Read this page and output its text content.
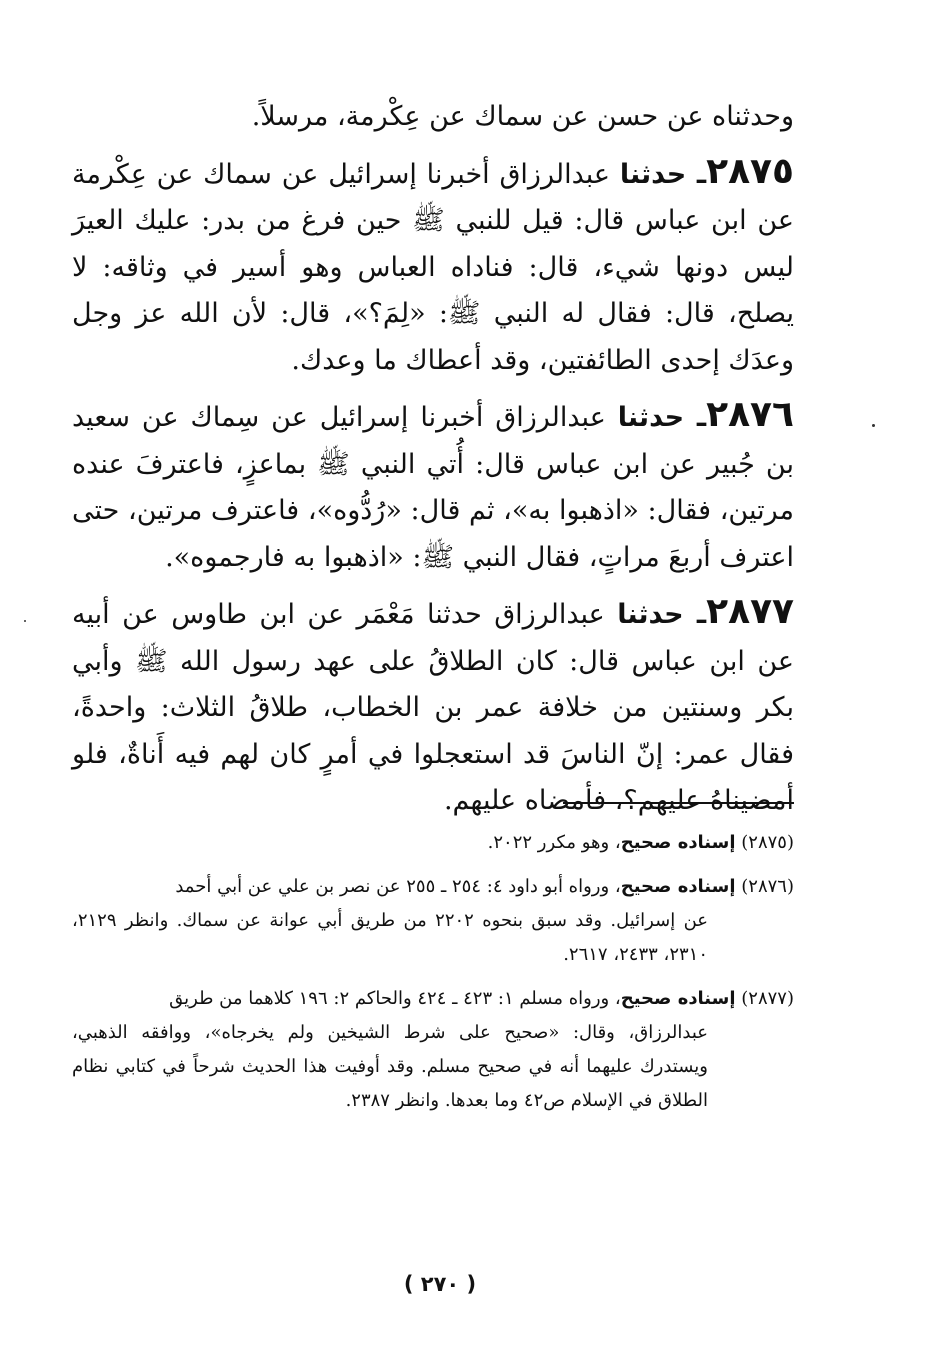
وحدثناه عن حسن عن سماك عن عِكْرمة، مرسلاً.

٢٨٧٥ـ حدثنا عبدالرزاق أخبرنا إسرائيل عن سماك عن عِكْرمة عن ابن عباس قال: قيل للنبي ﷺ حين فرغ من بدر: عليك العيرَ ليس دونها شيء، قال: فناداه العباس وهو أسير في وثاقه: لا يصلح، قال: فقال له النبي ﷺ: «لِمَ؟»، قال: لأن الله عز وجل وعدَك إحدى الطائفتين، وقد أعطاك ما وعدك.

٢٨٧٦ـ حدثنا عبدالرزاق أخبرنا إسرائيل عن سِماك عن سعيد بن جُبير عن ابن عباس قال: أُتي النبي ﷺ بماعزٍ، فاعترفَ عنده مرتين، فقال: «اذهبوا به»، ثم قال: «رُدُّوه»، فاعترف مرتين، حتى اعترف أربعَ مراتٍ، فقال النبي ﷺ: «اذهبوا به فارجموه».

٢٨٧٧ـ حدثنا عبدالرزاق حدثنا مَعْمَر عن ابن طاوس عن أبيه عن ابن عباس قال: كان الطلاقُ على عهد رسول الله ﷺ وأبي بكر وسنتين من خلافة عمر بن الخطاب، طلاقُ الثلاث: واحدةً، فقال عمر: إنّ الناسَ قد استعجلوا في أمرٍ كان لهم فيه أَناةٌ، فلو أمضيناهُ عليهم؟، فأمضاه عليهم.

(٢٨٧٥) إسناده صحيح، وهو مكرر ٢٠٢٢.

(٢٨٧٦) إسناده صحيح، ورواه أبو داود ٤: ٢٥٤ ـ ٢٥٥ عن نصر بن علي عن أبي أحمد
عن إسرائيل. وقد سبق بنحوه ٢٢٠٢ من طريق أبي عوانة عن سماك. وانظر ٢١٢٩، ٢٣١٠، ٢٤٣٣، ٢٦١٧.

(٢٨٧٧) إسناده صحيح، ورواه مسلم ١: ٤٢٣ ـ ٤٢٤ والحاكم ٢: ١٩٦ كلاهما من طريق
عبدالرزاق، وقال: «صحيح على شرط الشيخين ولم يخرجاه»، ووافقه الذهبي، ويستدرك عليهما أنه في صحيح مسلم. وقد أوفيت هذا الحديث شرحاً في كتابي نظام الطلاق في الإسلام ص٤٢ وما بعدها. وانظر ٢٣٨٧.

( ٢٧٠ )
